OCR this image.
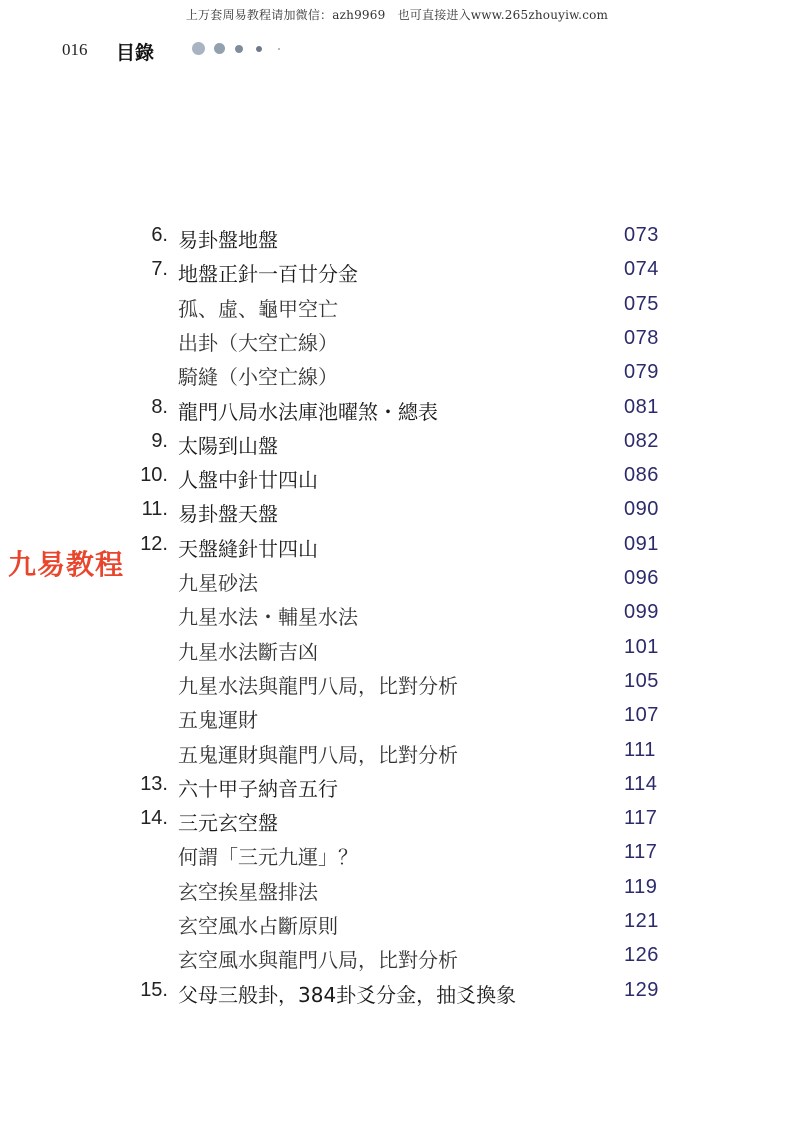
上万套周易教程请加微信：azh9969　也可直接进入www.265zhouyiw.com
016 目錄
九易教程
6. 易卦盤地盤	073
7. 地盤正針一百廿分金	074
孤、虛、龜甲空亡	075
出卦（大空亡線）	078
騎縫（小空亡線）	079
8. 龍門八局水法庫池曜煞・總表	081
9. 太陽到山盤	082
10. 人盤中針廿四山	086
11. 易卦盤天盤	090
12. 天盤縫針廿四山	091
九星砂法	096
九星水法・輔星水法	099
九星水法斷吉凶	101
九星水法與龍門八局，比對分析	105
五鬼運財	107
五鬼運財與龍門八局，比對分析	111
13. 六十甲子納音五行	114
14. 三元玄空盤	117
何謂「三元九運」？	117
玄空挨星盤排法	119
玄空風水占斷原則	121
玄空風水與龍門八局，比對分析	126
15. 父母三般卦，384卦爻分金，抽爻換象	129
